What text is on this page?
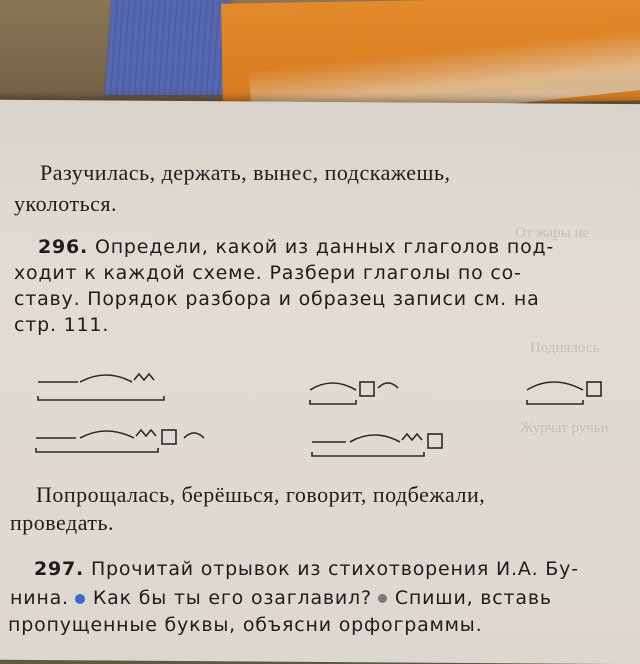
От жары не
Поднялось
Журчат ручьи
Разучилась, держать, вынес, подскажешь,
уколоться.
296. Определи, какой из данных глаголов под-
ходит к каждой схеме. Разбери глаголы по со-
ставу. Порядок разбора и образец записи см. на
стр. 111.
Попрощалась, берёшься, говорит, подбежали,
проведать.
297. Прочитай отрывок из стихотворения И.А. Бу-
нина. Как бы ты его озаглавил? Спиши, вставь
пропущенные буквы, объясни орфограммы.
